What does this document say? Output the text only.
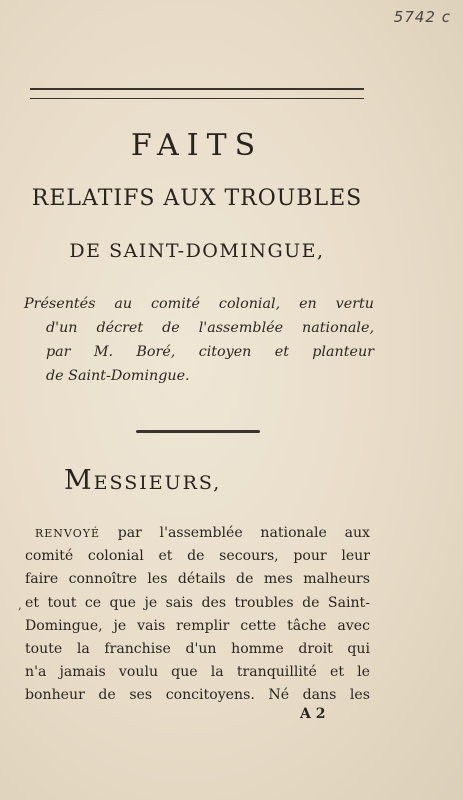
5742 c
FAITS
RELATIFS AUX TROUBLES
DE SAINT-DOMINGUE,
Présentés au comité colonial, en vertu
d'un décret de l'assemblée nationale,
par M. Boré, citoyen et planteur
de Saint-Domingue.
MESSIEURS,
,
RENVOYÉ par l'assemblée nationale aux
comité colonial et de secours, pour leur
faire connoître les détails de mes malheurs
et tout ce que je sais des troubles de Saint-
Domingue, je vais remplir cette tâche avec
toute la franchise d'un homme droit qui
n'a jamais voulu que la tranquillité et le
bonheur de ses concitoyens. Né dans les
A 2
